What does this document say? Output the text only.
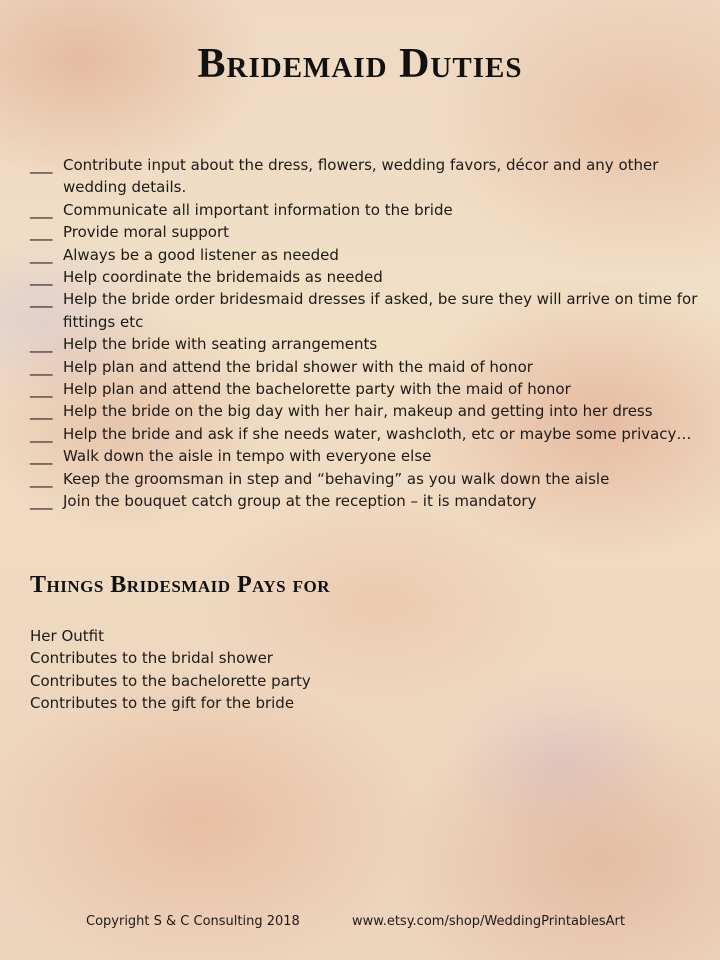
Bridemaid Duties
___
Contribute input about the dress, flowers, wedding favors, décor and any other wedding details.
___
Communicate all important information to the bride
___
Provide moral support
___
Always be a good listener as needed
___
Help coordinate the bridemaids as needed
___
Help the bride order bridesmaid dresses if asked, be sure they will arrive on time for fittings etc
___
Help the bride with seating arrangements
___
Help plan and attend the bridal shower with the maid of honor
___
Help plan and attend the bachelorette party with the maid of honor
___
Help the bride on the big day with her hair, makeup and getting into her dress
___
Help the bride and ask if she needs water, washcloth, etc or maybe some privacy…
___
Walk down the aisle in tempo with everyone else
___
Keep the groomsman in step and “behaving” as you walk down the aisle
___
Join the bouquet catch group at the reception – it is mandatory
Things Bridesmaid Pays for
Her Outfit
Contributes to the bridal shower
Contributes to the bachelorette party
Contributes to the gift for the bride
Copyright S & C Consulting 2018	www.etsy.com/shop/WeddingPrintablesArt
